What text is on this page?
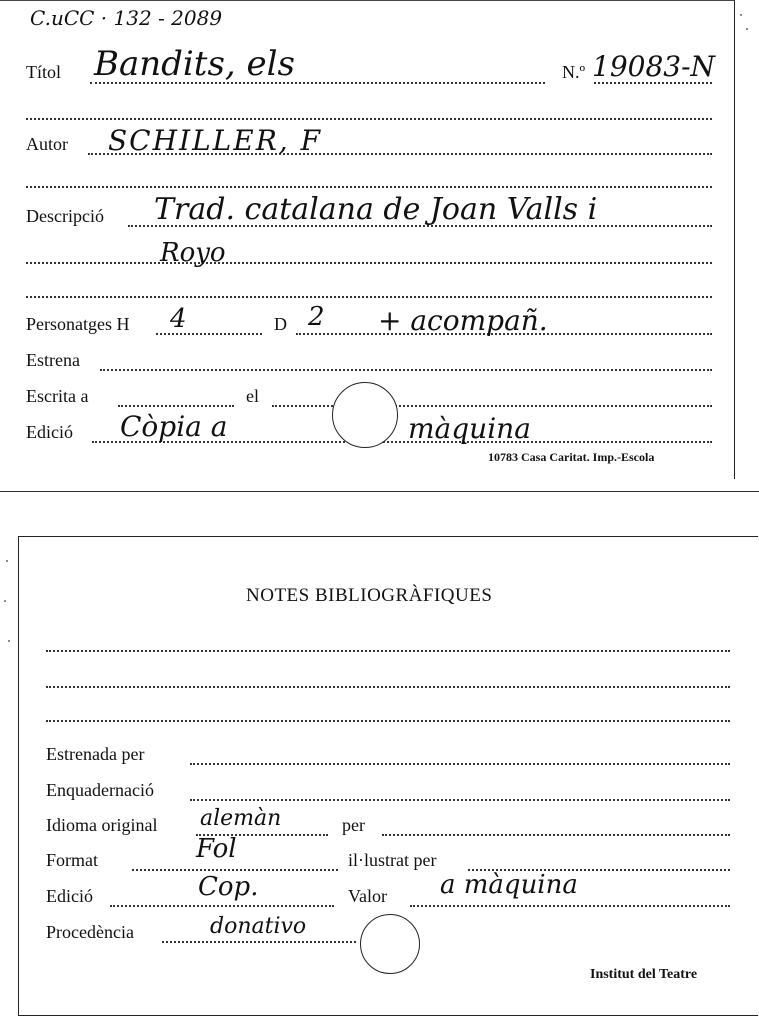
C.uCC · 132 - 2089
Títol Bandits, els	N.º 19083-N
Autor SCHILLER, F
Descripció Trad. catalana de Joan Valls i
Royo
Personatges H 4	D 2 + acompañ.
Estrena
Escrita a	el
Edició Còpia a	màquina
10783 Casa Caritat. Imp.-Escola
NOTES BIBLIOGRÀFIQUES
Estrenada per
Enquadernació
Idioma original alemàn	per
Format	Fol	il·lustrat per
Edició	Cop.	Valor a màquina
Procedència	donativo
Institut del Teatre
